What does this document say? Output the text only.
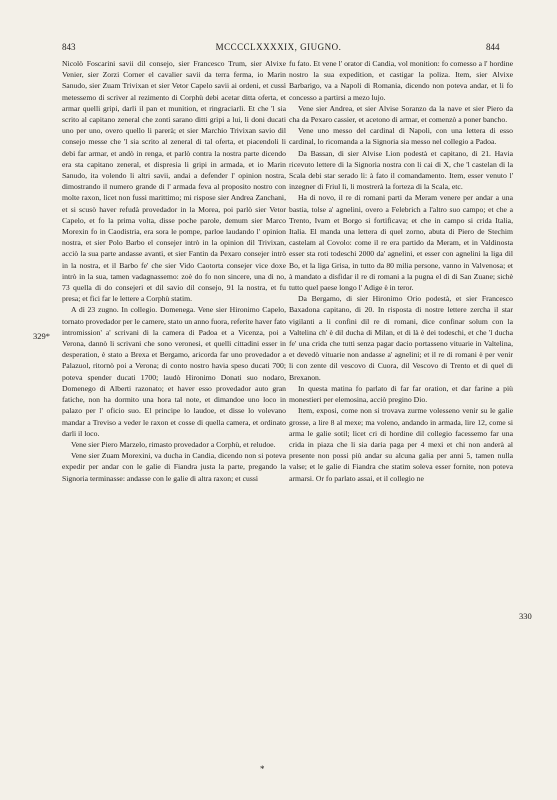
843	MCCCCLXXXXIX, GIUGNO.	844
329*
330

Nicolò Foscarini savii dil consejo, sier Francesco Trum, sier Alvixe Venier, sier Zorzi Corner el cavalier savii da terra ferma, io Marin Sanudo, sier Zuam Trivixan et sier Vetor Capelo savii ai ordeni, et cussì metessemo di scriver al rezimento di Corphù debi acetar ditta oferta, et armar quelli gripi, darli il pan et munition, et ringraciarli. Et che 'l sia scrito al capitano zeneral che zonti sarano ditti gripi a lui, li doni ducati uno per uno, overo quello li parerà; et sier Marchio Trivixan savio dil consejo messe che 'l sia scrito al zeneral di tal oferta, et piacendoli li debi far armar, et andò in renga, et parlò contra la nostra parte dicendo era sta capitano zeneral, et dispresia li gripi in armada, et io Marin Sanudo, ita volendo li altri savii, andai a defender l' opinion nostra, dimostrando il numero grande di l' armada feva al proposito nostro con molte raxon, licet non fussi marittimo; mi rispose sier Andrea Zanchani, et si scusò haver refudà provedador in la Morea, poi parlò sier Vetor Capelo, et fo la prima volta, disse poche parole, demum sier Marco Morexin fo in Caodistria, era sora le pompe, parloe laudando l' opinion nostra, et sier Polo Barbo el consejer intrò in la opinion dil Trivixan, acciò la sua parte andasse avanti, et sier Fantin da Pexaro consejer intrò in la nostra, et il Barbo fe' che sier Vido Caotorta consejer vice doxe intrò in la sua, tamen vadagnassemo: zoè do fo non sincere, una di no, 73 quella di do consejeri et dil savio dil consejo, 91 la nostra, et fu presa; et fici far le lettere a Corphù statim.

A dì 23 zugno. In collegio. Domenega. Vene sier Hironimo Capelo, tornato provedador per le camere, stato un anno fuora, referite haver fato intromission' a' scrivani di la camera di Padoa et a Vicenza, poi a Verona, dannò li scrivani che sono veronesi, et quelli cittadini esser in desperation, è stato a Brexa et Bergamo, aricorda far uno provedador a Palazuol, ritornò poi a Verona; di conto nostro havia speso ducati 700; poteva spender ducati 1700; laudò Hironimo Donati suo nodaro, Domenego di Alberti razonato; et haver esso provedador auto gran fatiche, non ha dormito una hora tal note, et dimandoe uno loco in palazo per l' oficio suo. El principe lo laudoe, et disse lo volevano mandar a Treviso a veder le raxon et cosse di quella camera, et ordinato darli il loco.

Vene sier Piero Marzelo, rimasto provedador a Corphù, et reludoe.

Vene sier Zuam Morexini, va ducha in Candia, dicendo non si poteva expedir per andar con le galie di Fiandra justa la parte, pregando la Signoria terminasse: andasse con le galie di altra raxon; et cussì

fu fato. Et vene l' orator di Candia, vol monition: fo comesso a l' hordine nostro la sua expedition, et castigar la poliza. Item, sier Alvixe Barbarigo, va a Napoli di Romania, dicendo non poteva andar, et li fo concesso a partirsi a mezo lujo.

Vene sier Andrea, et sier Alvise Soranzo da la nave et sier Piero da cha da Pexaro cassier, et acetono di armar, et comenzò a poner bancho.

Vene uno messo del cardinal di Napoli, con una lettera di esso cardinal, lo ricomanda a la Signoria sia messo nel collegio a Padoa.

Da Bassan, di sier Alvise Lion podestà et capitano, di 21. Havia ricevuto lettere di la Signoria nostra con li cai di X, che 'l castelan di la Scala debi star serado li: à fato il comandamento. Item, esser venuto l' inzegner di Friul li, li mostrerà la forteza di la Scala, etc.

Ha di novo, il re di romani parti da Meram venere per andar a una bastia, tolse a' agnelini, overo a Felebrich a l'altro suo campo; et che a Trento, Ivam et Borgo si fortificava; et che in campo si crida Italia, Italia. El manda una lettera di quel zorno, abuta di Piero de Stechim castelam al Covolo: come il re era partido da Meram, et in Valdinosta esser sta roti todeschi 2000 da' agnelini, et esser con agnelini la liga dil Bo, et la liga Grisa, in tutto da 80 milia persone, vanno in Valvenosa; et à mandato a disfidar il re di romani a la pugna el dì di San Zuane; sichè tutto quel paese longo l' Adige è in teror.

Da Bergamo, di sier Hironimo Orio podestà, et sier Francesco Baxadona capitano, di 20. In risposta di nostre lettere zercha il star vigilanti a li confini dil re di romani, dice confinar solum con la Valtelina ch' è dil ducha di Milan, et di là è dei todeschi, et che 'l ducha fe' una crida che tutti senza pagar dacio portasseno vituarie in Valtelina, et devedò vituarie non andasse a' agnelini; et il re di romani è per venir li con zente dil vescovo di Cuora, dil Vescovo di Trento et di quel di Brexanon.

In questa matina fo parlato di far far oration, et dar farine a più monestieri per elemosina, acciò pregino Dio.

Item, exposi, come non si trovava zurme volesseno venir su le galie grosse, a lire 8 al mexe; ma voleno, andando in armada, lire 12, come si arma le galie sotil; licet cri di hordine dil collegio facessemo far una crida in piaza che li sia daria paga per 4 mexi et chi non anderà al presente non possi più andar su alcuna galia per anni 5, tamen nulla valse; et le galie di Fiandra che statim soleva esser fornite, non poteva armarsi. Or fo parlato assai, et il collegio ne

*
